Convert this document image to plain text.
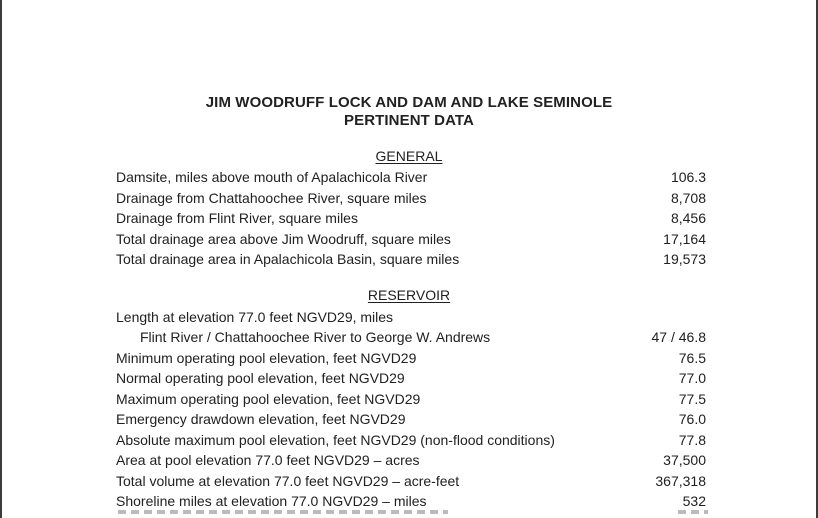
JIM WOODRUFF LOCK AND DAM AND LAKE SEMINOLE
PERTINENT DATA
GENERAL
Damsite, miles above mouth of Apalachicola River	106.3
Drainage from Chattahoochee River, square miles	8,708
Drainage from Flint River, square miles	8,456
Total drainage area above Jim Woodruff, square miles	17,164
Total drainage area in Apalachicola Basin, square miles	19,573
RESERVOIR
Length at elevation 77.0 feet NGVD29, miles
Flint River / Chattahoochee River to George W. Andrews	47 / 46.8
Minimum operating pool elevation, feet NGVD29	76.5
Normal operating pool elevation, feet NGVD29	77.0
Maximum operating pool elevation, feet NGVD29	77.5
Emergency drawdown elevation, feet NGVD29	76.0
Absolute maximum pool elevation, feet NGVD29 (non-flood conditions)	77.8
Area at pool elevation 77.0 feet NGVD29 – acres	37,500
Total volume at elevation 77.0 feet NGVD29 – acre-feet	367,318
Shoreline miles at elevation 77.0 NGVD29 – miles	532
